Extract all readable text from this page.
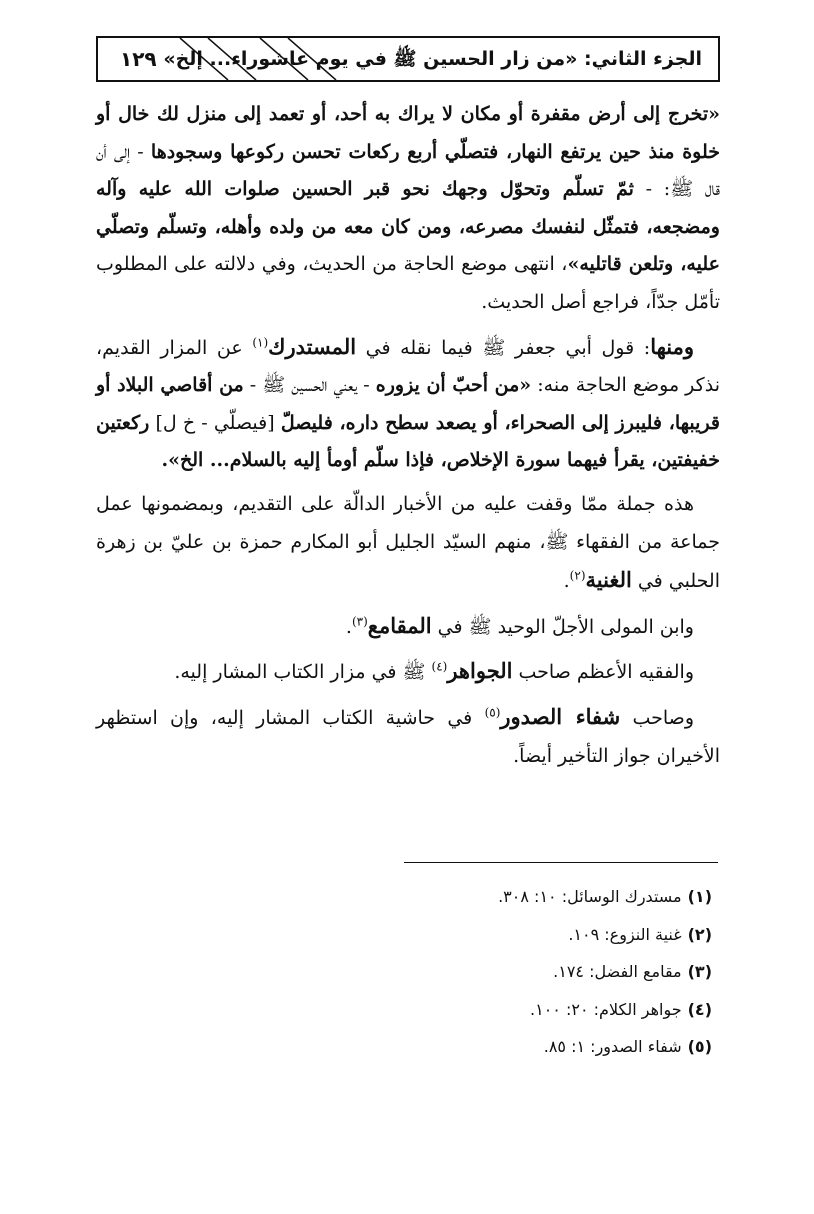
١٢٩ الجزء الثاني: «من زار الحسين ﷺ في يوم عاشوراء... إلخ»

«تخرج إلى أرض مقفرة أو مكان لا يراك به أحد، أو تعمد إلى منزل لك خال أو خلوة منذ حين يرتفع النهار، فتصلّي أربع ركعات تحسن ركوعها وسجودها - إلى أن قال ﷺ: - ثمّ تسلّم وتحوّل وجهك نحو قبر الحسين صلوات الله عليه وآله ومضجعه، فتمثّل لنفسك مصرعه، ومن كان معه من ولده وأهله، وتسلّم وتصلّي عليه، وتلعن قاتليه»، انتهى موضع الحاجة من الحديث، وفي دلالته على المطلوب تأمّل جدّاً، فراجع أصل الحديث.

ومنها: قول أبي جعفر ﷺ فيما نقله في المستدرك$^{(١)}$ عن المزار القديم، نذكر موضع الحاجة منه: «من أحبّ أن يزوره - يعني الحسين ﷺ - من أقاصي البلاد أو قريبها، فليبرز إلى الصحراء، أو يصعد سطح داره، فليصلّ [فيصلّي - خ ل] ركعتين خفيفتين، يقرأ فيهما سورة الإخلاص، فإذا سلّم أومأ إليه بالسلام... الخ».

هذه جملة ممّا وقفت عليه من الأخبار الدالّة على التقديم، وبمضمونها عمل جماعة من الفقهاء ﷺ، منهم السيّد الجليل أبو المكارم حمزة بن عليّ بن زهرة الحلبي في الغنية$^{(٢)}$.

وابن المولى الأجلّ الوحيد ﷺ في المقامع$^{(٣)}$.

والفقيه الأعظم صاحب الجواهر$^{(٤)}$ ﷺ في مزار الكتاب المشار إليه.

وصاحب شفاء الصدور$^{(٥)}$ في حاشية الكتاب المشار إليه، وإن استظهر الأخيران جواز التأخير أيضاً.

(١)مستدرك الوسائل: ١٠: ٣٠٨.
(٢)غنية النزوع: ١٠٩.
(٣)مقامع الفضل: ١٧٤.
(٤)جواهر الكلام: ٢٠: ١٠٠.
(٥)شفاء الصدور: ١: ٨٥.
